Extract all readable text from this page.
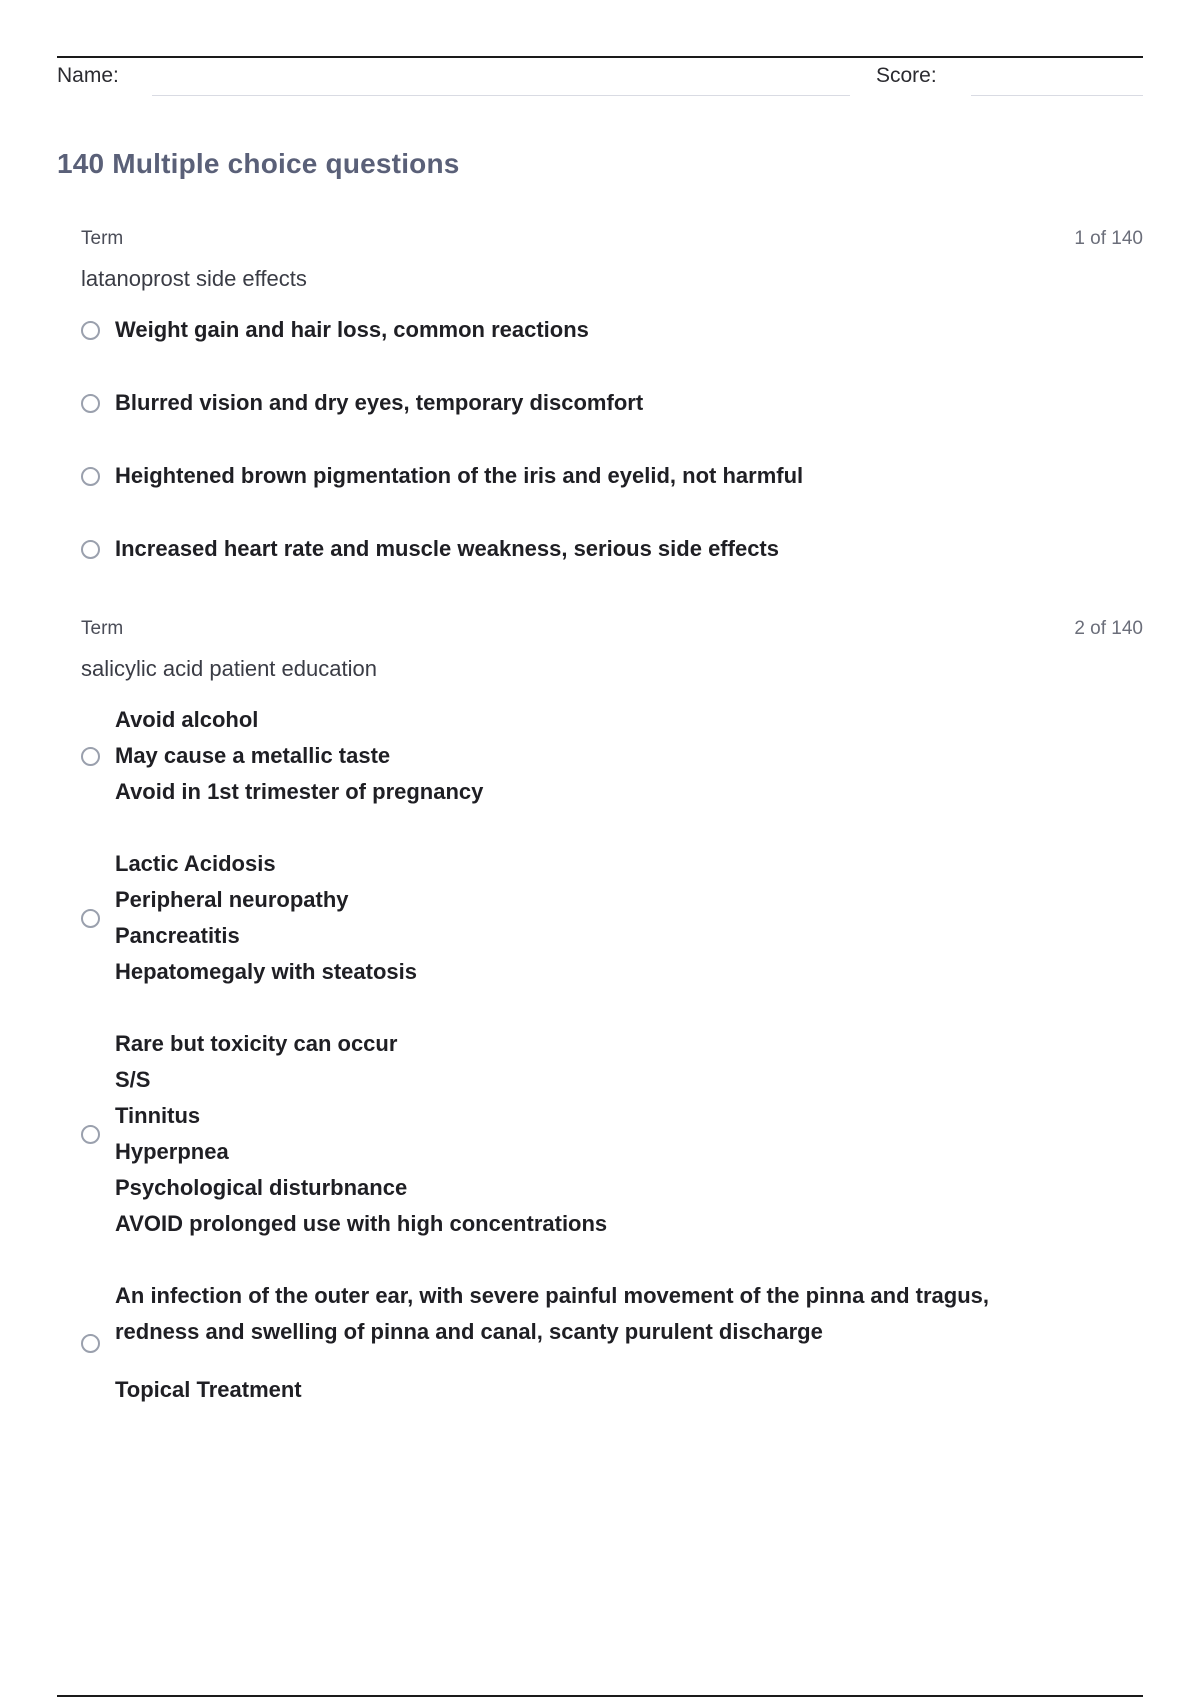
Name:	Score:
140 Multiple choice questions
Term	1 of 140
latanoprost side effects
Weight gain and hair loss, common reactions
Blurred vision and dry eyes, temporary discomfort
Heightened brown pigmentation of the iris and eyelid, not harmful
Increased heart rate and muscle weakness, serious side effects
Term	2 of 140
salicylic acid patient education
Avoid alcohol
May cause a metallic taste
Avoid in 1st trimester of pregnancy
Lactic Acidosis
Peripheral neuropathy
Pancreatitis
Hepatomegaly with steatosis
Rare but toxicity can occur
S/S
Tinnitus
Hyperpnea
Psychological disturbnance
AVOID prolonged use with high concentrations
An infection of the outer ear, with severe painful movement of the pinna and tragus,
redness and swelling of pinna and canal, scanty purulent discharge
Topical Treatment
